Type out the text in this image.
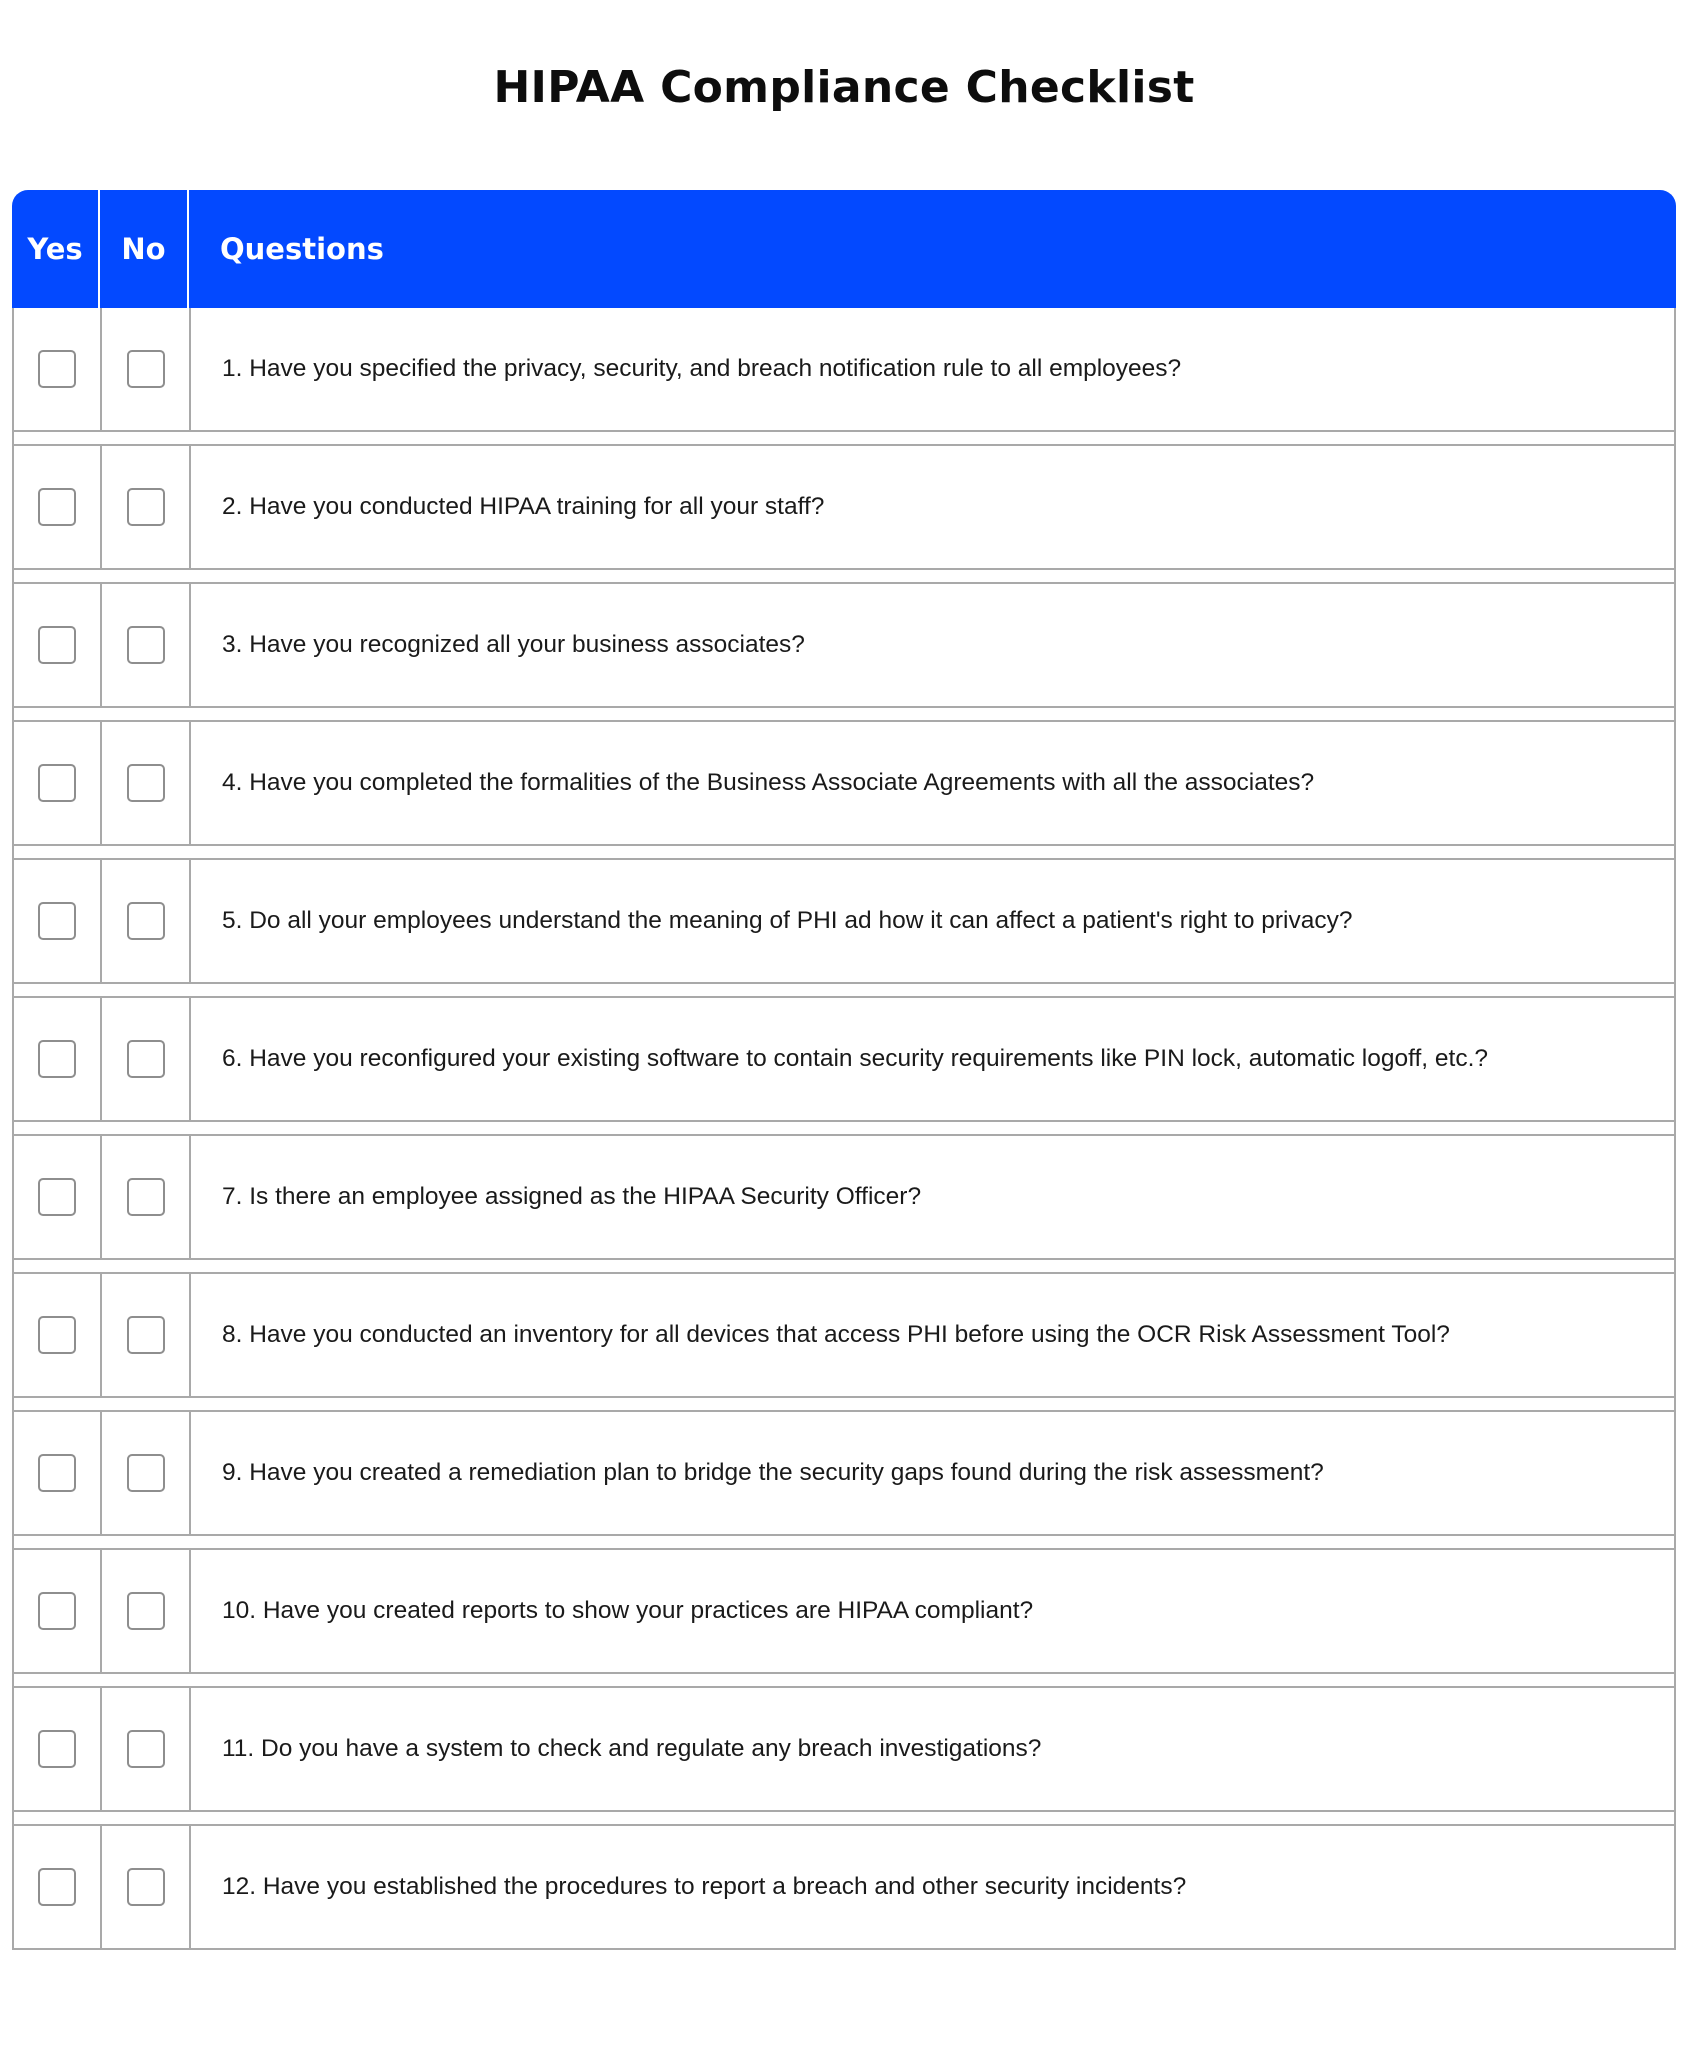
HIPAA Compliance Checklist
Yes	No	Questions
1. Have you specified the privacy, security, and breach notification rule to all employees?
2. Have you conducted HIPAA training for all your staff?
3. Have you recognized all your business associates?
4. Have you completed the formalities of the Business Associate Agreements with all the associates?
5. Do all your employees understand the meaning of PHI ad how it can affect a patient's right to privacy?
6. Have you reconfigured your existing software to contain security requirements like PIN lock, automatic logoff, etc.?
7. Is there an employee assigned as the HIPAA Security Officer?
8. Have you conducted an inventory for all devices that access PHI before using the OCR Risk Assessment Tool?
9. Have you created a remediation plan to bridge the security gaps found during the risk assessment?
10. Have you created reports to show your practices are HIPAA compliant?
11. Do you have a system to check and regulate any breach investigations?
12. Have you established the procedures to report a breach and other security incidents?
